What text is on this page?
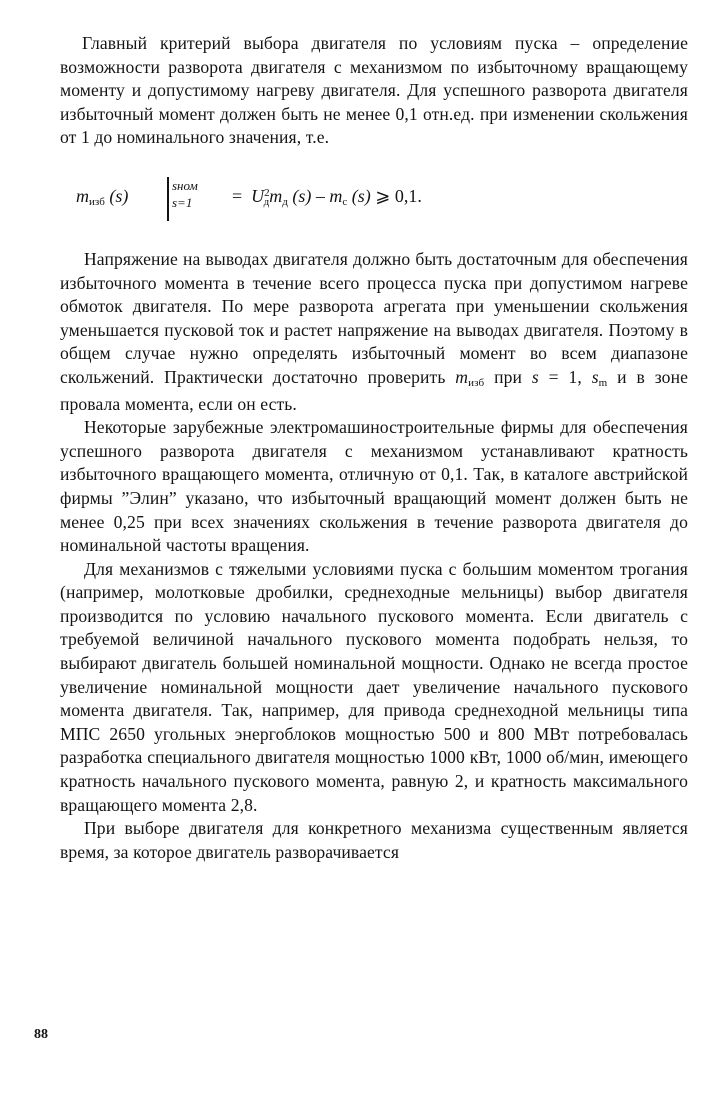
Главный критерий выбора двигателя по условиям пуска – определение возможности разворота двигателя с механизмом по избыточному вращающему моменту и допустимому нагреву двигателя. Для успешного разворота двигателя избыточный момент должен быть не менее 0,1 отн.ед. при изменении скольжения от 1 до номинального значения, т.е.

mизб (s)
sном
s=1	= $U^2дmд$ (s) – mс (s) ⩾ 0,1.

Напряжение на выводах двигателя должно быть достаточным для обеспечения избыточного момента в течение всего процесса пуска при допустимом нагреве обмоток двигателя. По мере разворота агрегата при уменьшении скольжения уменьшается пусковой ток и растет напряжение на выводах двигателя. Поэтому в общем случае нужно определять избыточный момент во всем диапазоне скольжений. Практически достаточно проверить mизб при s = 1, sm и в зоне провала момента, если он есть.

Некоторые зарубежные электромашиностроительные фирмы для обеспечения успешного разворота двигателя с механизмом устанавливают кратность избыточного вращающего момента, отличную от 0,1. Так, в каталоге австрийской фирмы ”Элин” указано, что избыточный вращающий момент должен быть не менее 0,25 при всех значениях скольжения в течение разворота двигателя до номинальной частоты вращения.

Для механизмов с тяжелыми условиями пуска с большим моментом трогания (например, молотковые дробилки, среднеходные мельницы) выбор двигателя производится по условию начального пускового момента. Если двигатель с требуемой величиной начального пускового момента подобрать нельзя, то выбирают двигатель большей номинальной мощности. Однако не всегда простое увеличение номинальной мощности дает увеличение начального пускового момента двигателя. Так, например, для привода среднеходной мельницы типа МПС 2650 угольных энергоблоков мощностью 500 и 800 МВт потребовалась разработка специального двигателя мощностью 1000 кВт, 1000 об/мин, имеющего кратность начального пускового момента, равную 2, и кратность максимального вращающего момента 2,8.

При выборе двигателя для конкретного механизма существенным является время, за которое двигатель разворачивается

88
